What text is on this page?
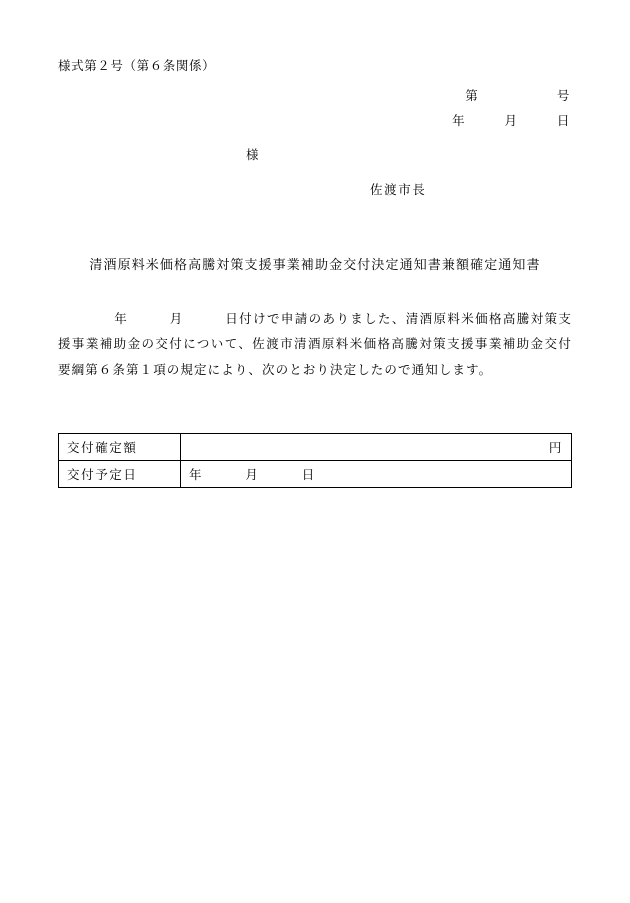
様式第２号（第６条関係）
第　　　　　　号
年　　　月　　　日
様
佐渡市長
清酒原料米価格高騰対策支援事業補助金交付決定通知書兼額確定通知書

年　　　月　　　日付けで申請のありました、清酒原料米価格高騰対策支援事業補助金の交付について、佐渡市清酒原料米価格高騰対策支援事業補助金交付要綱第６条第１項の規定により、次のとおり決定したので通知します。

交付確定額	円
交付予定日	年　　　月　　　日
